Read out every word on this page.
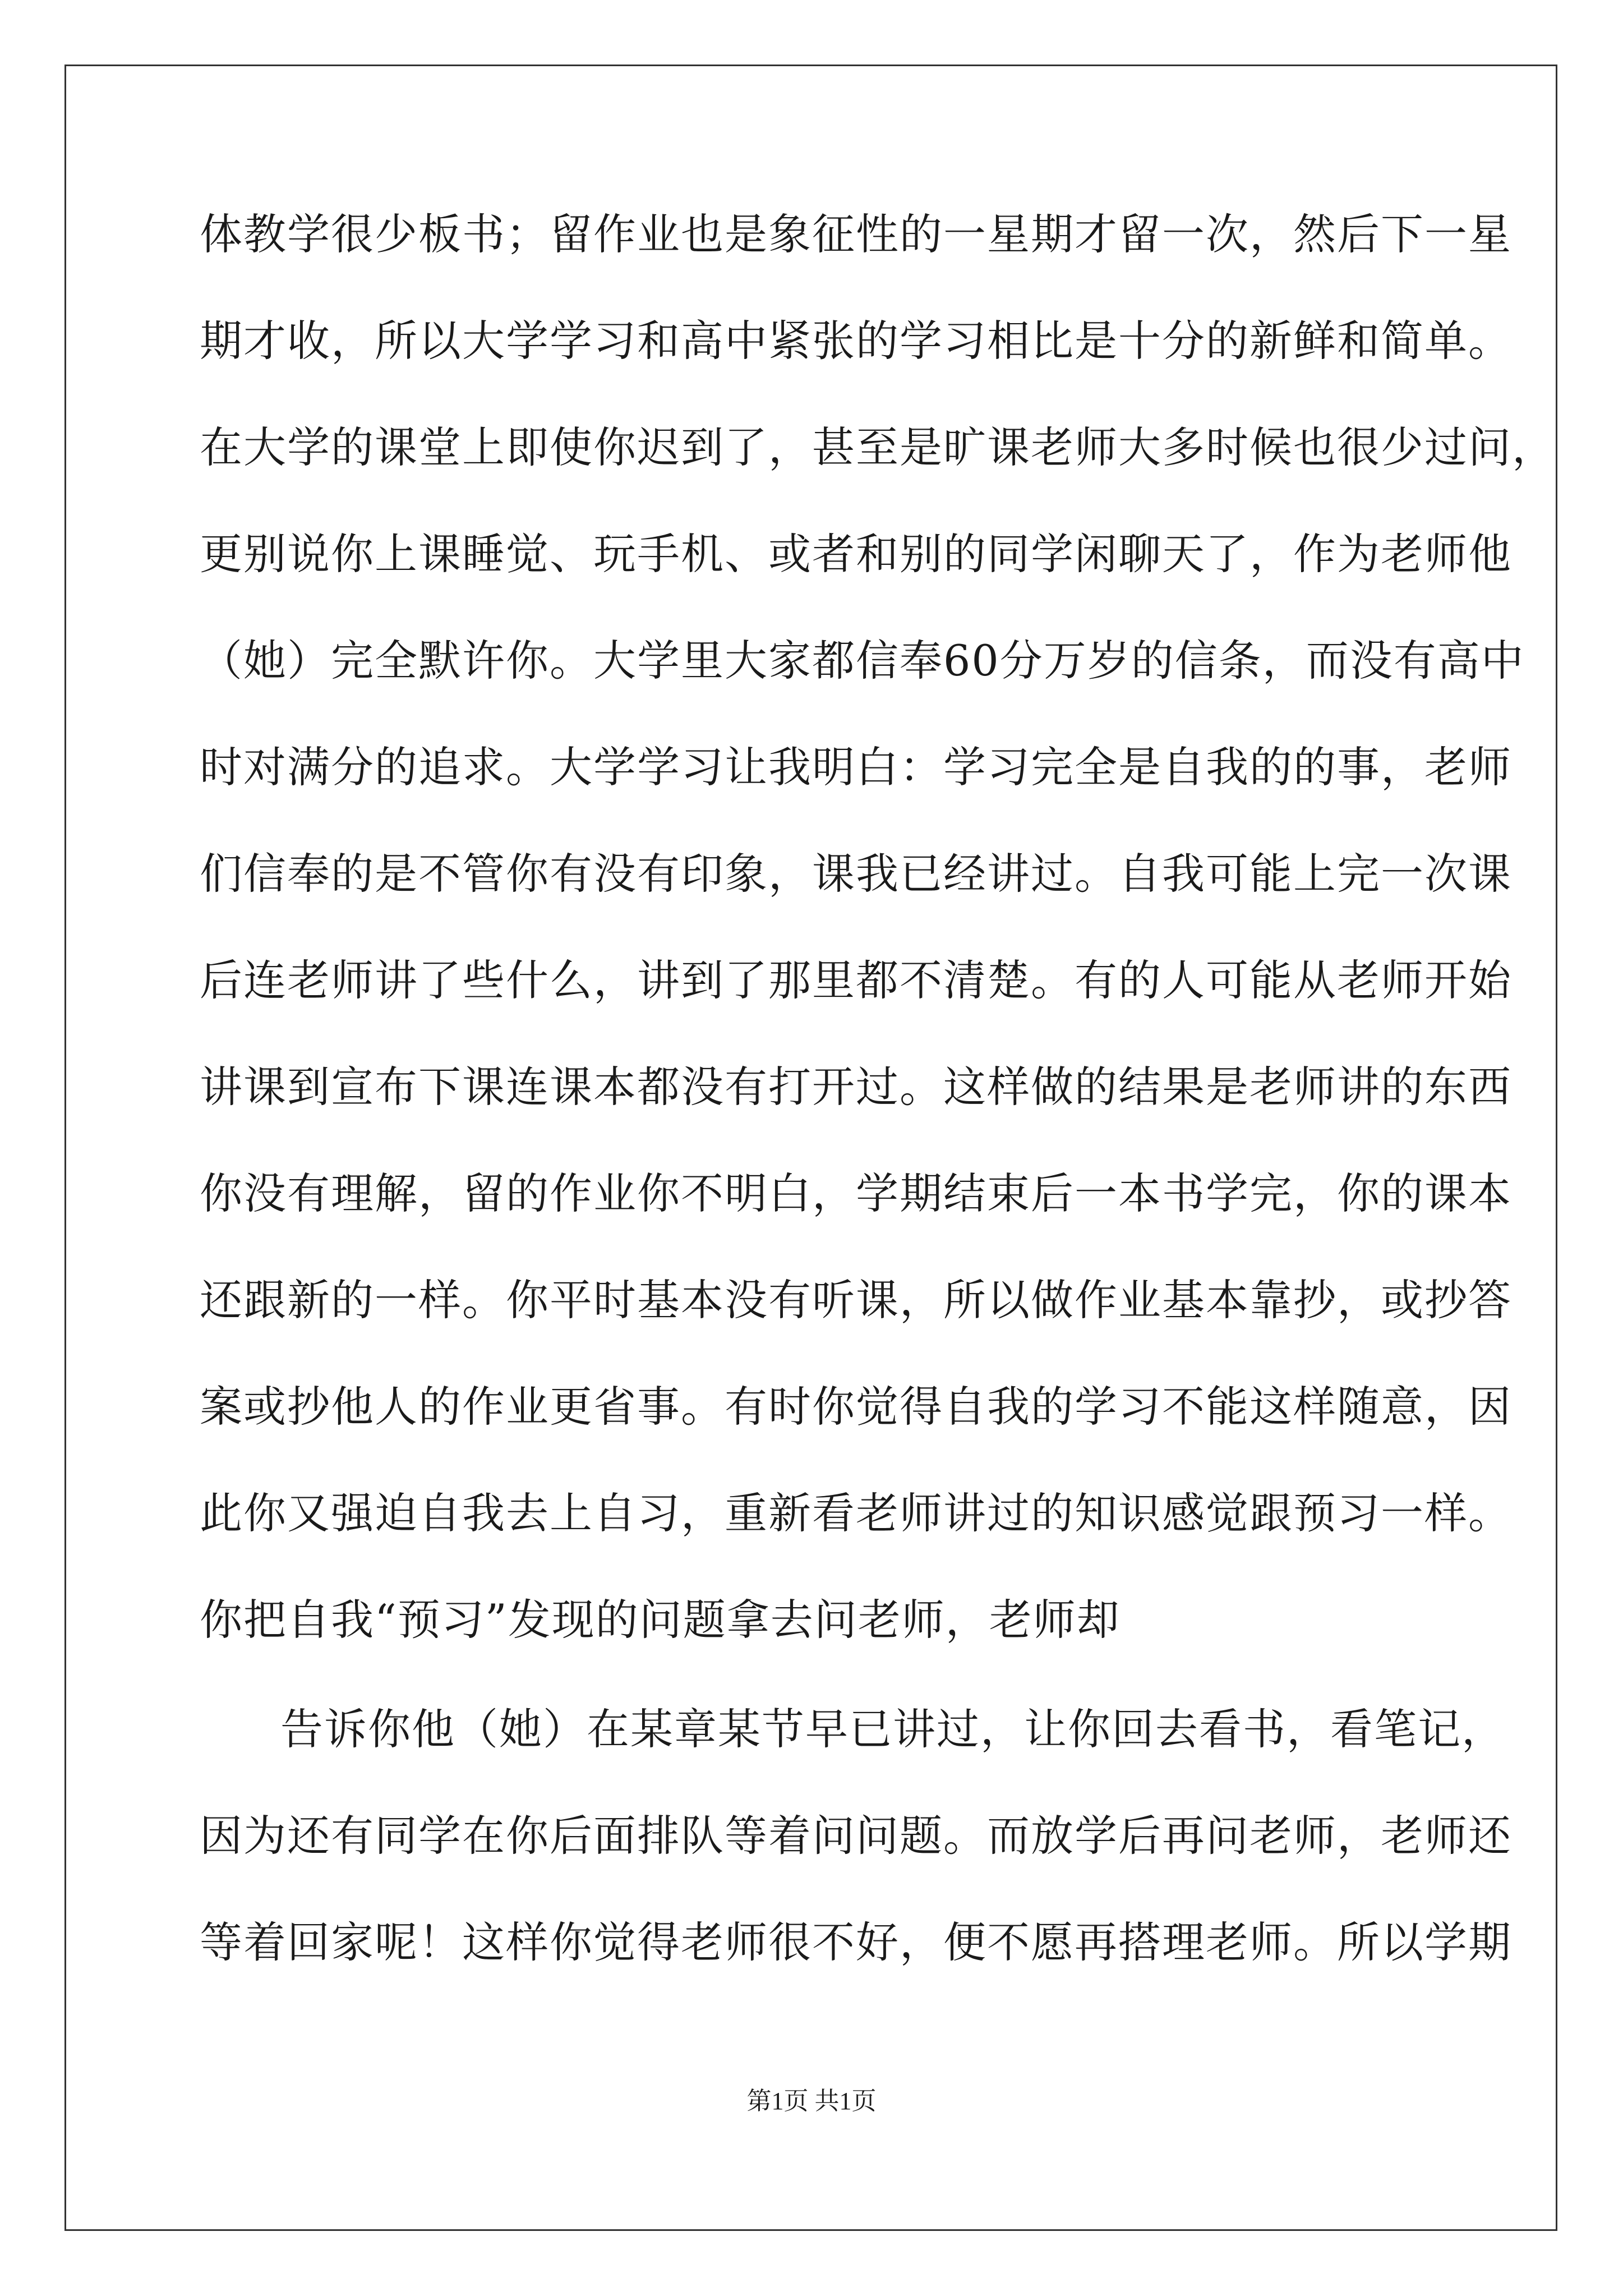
体教学很少板书；留作业也是象征性的一星期才留一次，然后下一星
期才收，所以大学学习和高中紧张的学习相比是十分的新鲜和简单。
在大学的课堂上即使你迟到了，甚至是旷课老师大多时候也很少过问，
更别说你上课睡觉、玩手机、或者和别的同学闲聊天了，作为老师他
（她）完全默许你。大学里大家都信奉60分万岁的信条，而没有高中
时对满分的追求。大学学习让我明白：学习完全是自我的的事，老师
们信奉的是不管你有没有印象，课我已经讲过。自我可能上完一次课
后连老师讲了些什么，讲到了那里都不清楚。有的人可能从老师开始
讲课到宣布下课连课本都没有打开过。这样做的结果是老师讲的东西
你没有理解，留的作业你不明白，学期结束后一本书学完，你的课本
还跟新的一样。你平时基本没有听课，所以做作业基本靠抄，或抄答
案或抄他人的作业更省事。有时你觉得自我的学习不能这样随意，因
此你又强迫自我去上自习，重新看老师讲过的知识感觉跟预习一样。
你把自我“预习”发现的问题拿去问老师，老师却
告诉你他（她）在某章某节早已讲过，让你回去看书，看笔记，
因为还有同学在你后面排队等着问问题。而放学后再问老师，老师还
等着回家呢！这样你觉得老师很不好，便不愿再搭理老师。所以学期
第1页 共1页
